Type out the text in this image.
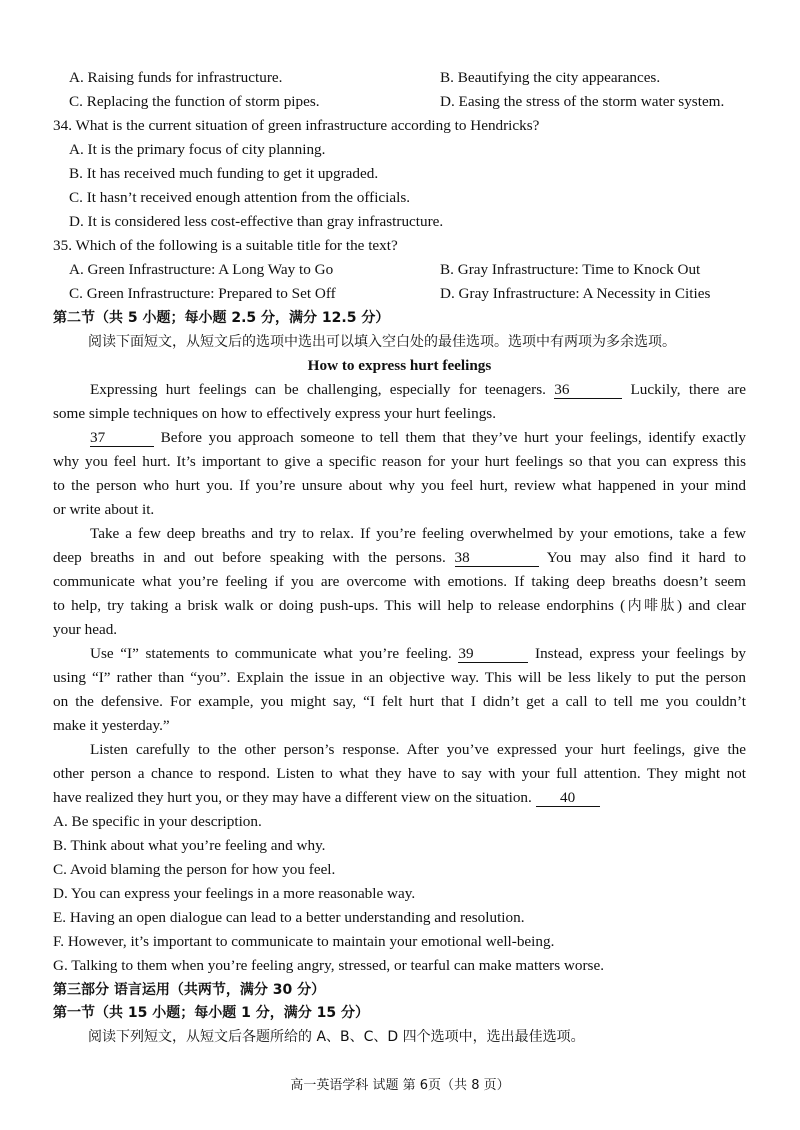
A. Raising funds for infrastructure.	B. Beautifying the city appearances.
C. Replacing the function of storm pipes.	D. Easing the stress of the storm water system.
34. What is the current situation of green infrastructure according to Hendricks?
A. It is the primary focus of city planning.
B. It has received much funding to get it upgraded.
C. It hasn’t received enough attention from the officials.
D. It is considered less cost-effective than gray infrastructure.
35. Which of the following is a suitable title for the text?
A. Green Infrastructure: A Long Way to Go	B. Gray Infrastructure: Time to Knock Out
C. Green Infrastructure: Prepared to Set Off	D. Gray Infrastructure: A Necessity in Cities
第二节（共 5 小题；每小题 2.5 分，满分 12.5 分）
阅读下面短文，从短文后的选项中选出可以填入空白处的最佳选项。选项中有两项为多余选项。
How to express hurt feelings
Expressing hurt feelings can be challenging, especially for teenagers. 36	Luckily, there are
some simple techniques on how to effectively express your hurt feelings.
37	Before you approach someone to tell them that they’ve hurt your feelings, identify exactly
why you feel hurt. It’s important to give a specific reason for your hurt feelings so that you can express this
to the person who hurt you. If you’re unsure about why you feel hurt, review what happened in your mind
or write about it.
Take a few deep breaths and try to relax. If you’re feeling overwhelmed by your emotions, take a few
deep breaths in and out before speaking with the persons. 38	You may also find it hard to
communicate what you’re feeling if you are overcome with emotions. If taking deep breaths doesn’t seem
to help, try taking a brisk walk or doing push-ups. This will help to release endorphins (内啡肽) and clear
your head.
Use “I” statements to communicate what you’re feeling. 39	Instead, express your feelings by
using “I” rather than “you”. Explain the issue in an objective way. This will be less likely to put the person
on the defensive. For example, you might say, “I felt hurt that I didn’t get a call to tell me you couldn’t
make it yesterday.”
Listen carefully to the other person’s response. After you’ve expressed your hurt feelings, give the
other person a chance to respond. Listen to what they have to say with your full attention. They might not
have realized they hurt you, or they may have a different view on the situation. 40
A. Be specific in your description.
B. Think about what you’re feeling and why.
C. Avoid blaming the person for how you feel.
D. You can express your feelings in a more reasonable way.
E. Having an open dialogue can lead to a better understanding and resolution.
F. However, it’s important to communicate to maintain your emotional well-being.
G. Talking to them when you’re feeling angry, stressed, or tearful can make matters worse.
第三部分 语言运用（共两节，满分 30 分）
第一节（共 15 小题；每小题 1 分，满分 15 分）
阅读下列短文，从短文后各题所给的 A、B、C、D 四个选项中，选出最佳选项。
高一英语学科 试题 第 6页（共 8 页）
